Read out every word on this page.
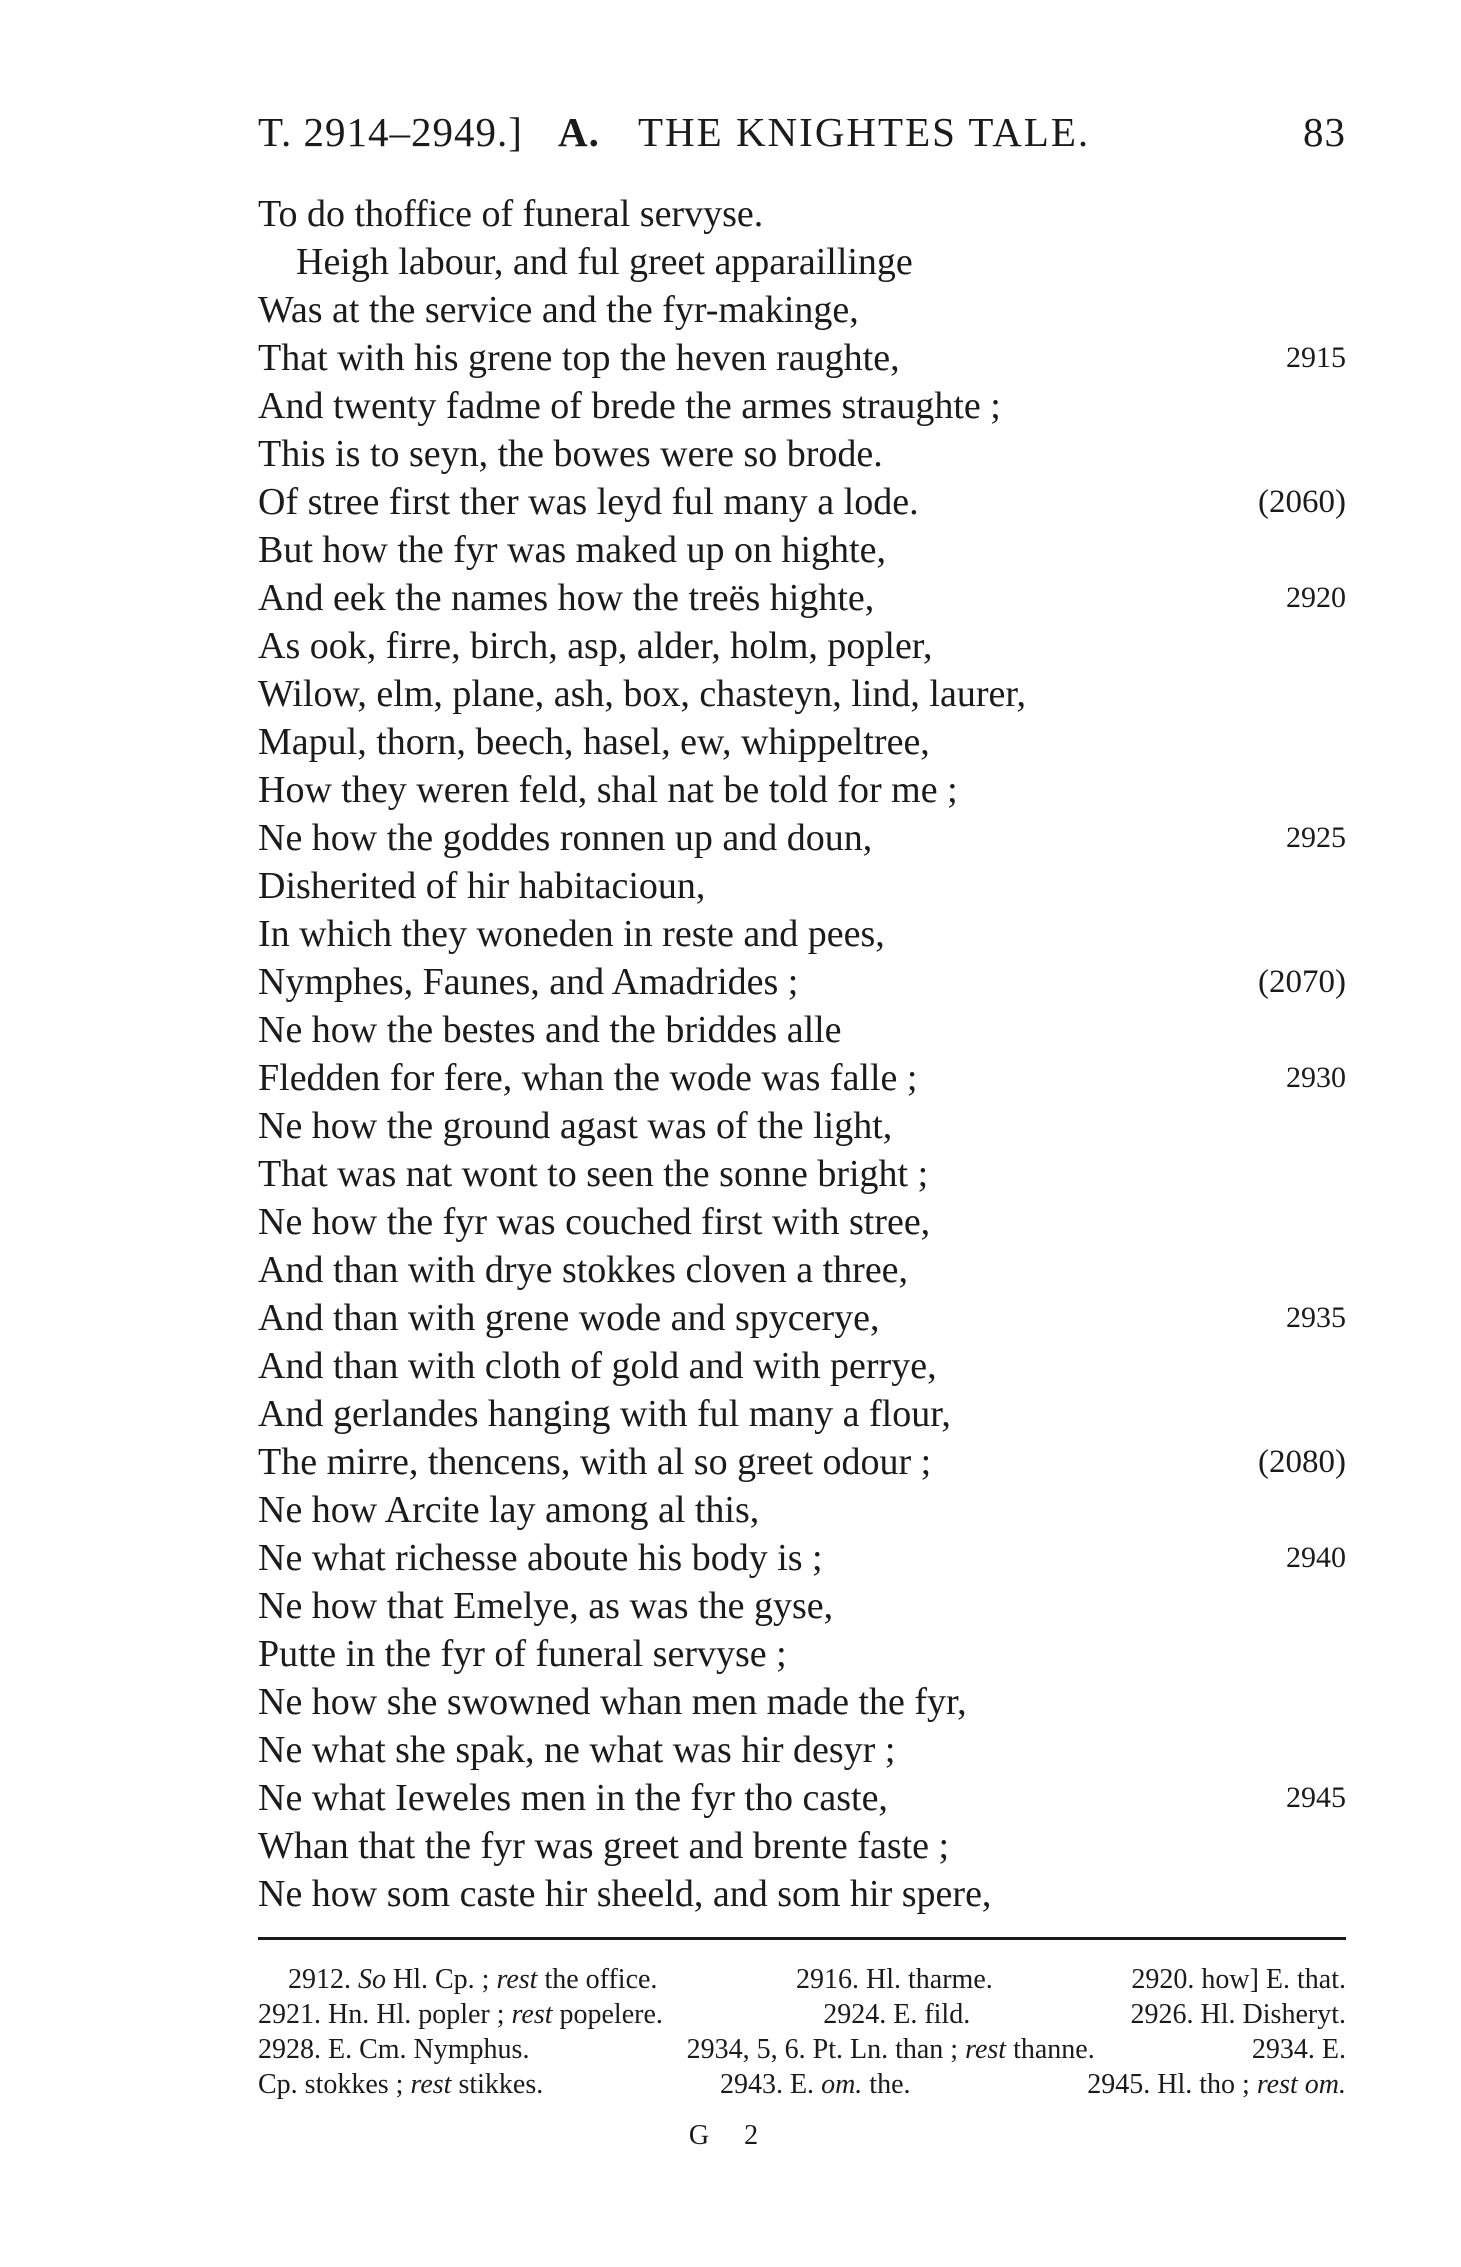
T. 2914–2949.] A. THE KNIGHTES TALE.	83
To do thoffice of funeral servyse.
Heigh labour, and ful greet apparaillinge
Was at the service and the fyr-makinge,
That with his grene top the heven raughte,	2915
And twenty fadme of brede the armes straughte ;
This is to seyn, the bowes were so brode.
Of stree first ther was leyd ful many a lode.	(2060)
But how the fyr was maked up on highte,
And eek the names how the treës highte,	2920
As ook, firre, birch, asp, alder, holm, popler,
Wilow, elm, plane, ash, box, chasteyn, lind, laurer,
Mapul, thorn, beech, hasel, ew, whippeltree,
How they weren feld, shal nat be told for me ;
Ne how the goddes ronnen up and doun,	2925
Disherited of hir habitacioun,
In which they woneden in reste and pees,
Nymphes, Faunes, and Amadrides ;	(2070)
Ne how the bestes and the briddes alle
Fledden for fere, whan the wode was falle ;	2930
Ne how the ground agast was of the light,
That was nat wont to seen the sonne bright ;
Ne how the fyr was couched first with stree,
And than with drye stokkes cloven a three,
And than with grene wode and spycerye,	2935
And than with cloth of gold and with perrye,
And gerlandes hanging with ful many a flour,
The mirre, thencens, with al so greet odour ;	(2080)
Ne how Arcite lay among al this,
Ne what richesse aboute his body is ;	2940
Ne how that Emelye, as was the gyse,
Putte in the fyr of funeral servyse ;
Ne how she swowned whan men made the fyr,
Ne what she spak, ne what was hir desyr ;
Ne what Ieweles men in the fyr tho caste,	2945
Whan that the fyr was greet and brente faste ;
Ne how som caste hir sheeld, and som hir spere,
2912. So Hl. Cp. ; rest the office.	2916. Hl. tharme.	2920. how] E. that.
2921. Hn. Hl. popler ; rest popelere.	2924. E. fild.	2926. Hl. Disheryt.
2928. E. Cm. Nymphus.	2934, 5, 6. Pt. Ln. than ; rest thanne.	2934. E.
Cp. stokkes ; rest stikkes.	2943. E. om. the.	2945. Hl. tho ; rest om.
G 2
